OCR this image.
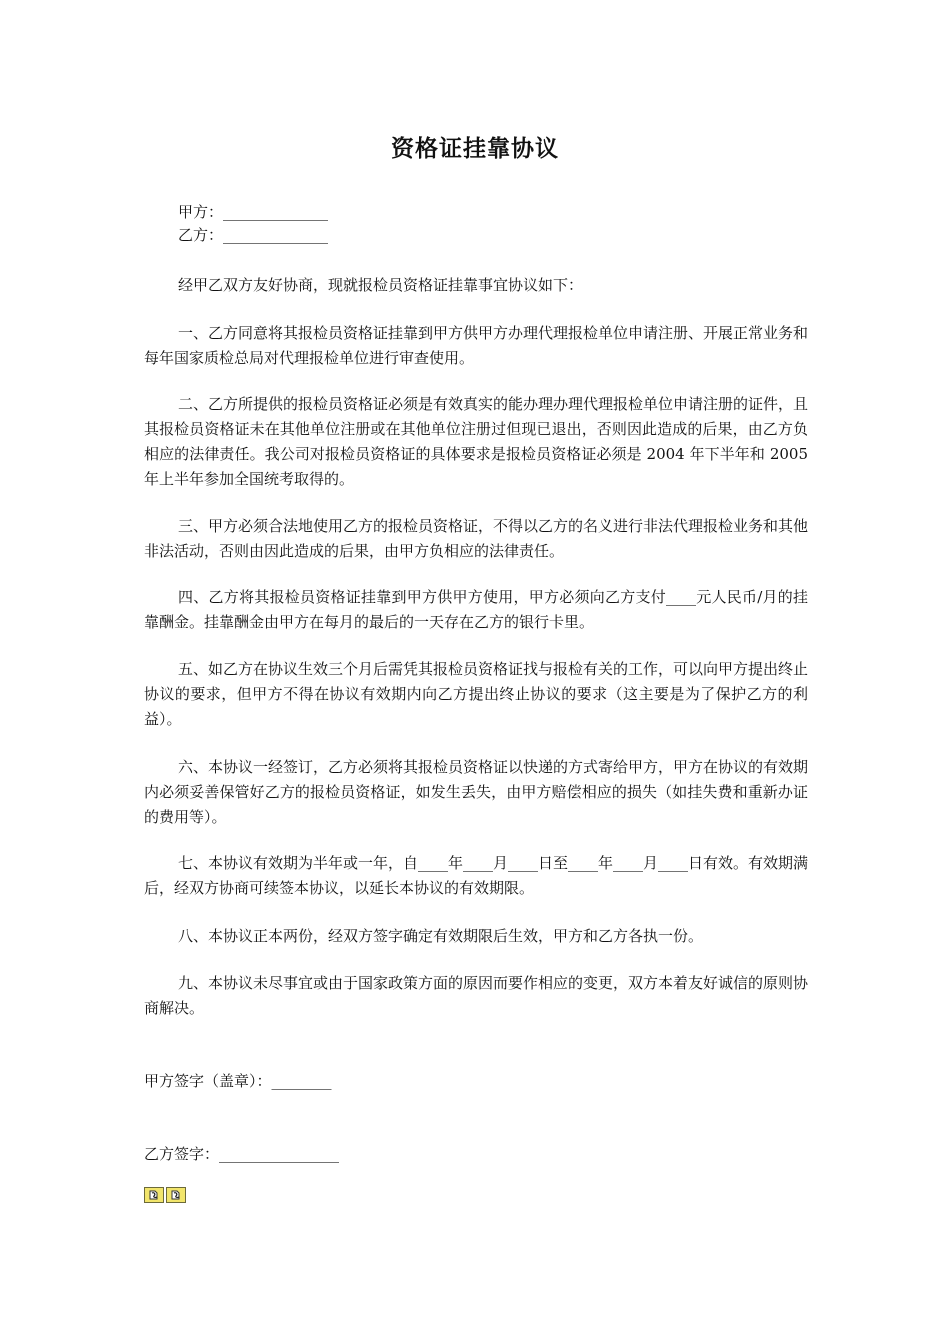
资格证挂靠协议
甲方：______________
乙方：______________
经甲乙双方友好协商，现就报检员资格证挂靠事宜协议如下：
一、乙方同意将其报检员资格证挂靠到甲方供甲方办理代理报检单位申请注册、开展正常业务和每年国家质检总局对代理报检单位进行审查使用。
二、乙方所提供的报检员资格证必须是有效真实的能办理办理代理报检单位申请注册的证件，且其报检员资格证未在其他单位注册或在其他单位注册过但现已退出，否则因此造成的后果，由乙方负相应的法律责任。我公司对报检员资格证的具体要求是报检员资格证必须是 2004 年下半年和 2005 年上半年参加全国统考取得的。
三、甲方必须合法地使用乙方的报检员资格证，不得以乙方的名义进行非法代理报检业务和其他非法活动，否则由因此造成的后果，由甲方负相应的法律责任。
四、乙方将其报检员资格证挂靠到甲方供甲方使用，甲方必须向乙方支付____元人民币/月的挂靠酬金。挂靠酬金由甲方在每月的最后的一天存在乙方的银行卡里。
五、如乙方在协议生效三个月后需凭其报检员资格证找与报检有关的工作，可以向甲方提出终止协议的要求，但甲方不得在协议有效期内向乙方提出终止协议的要求（这主要是为了保护乙方的利益）。
六、本协议一经签订，乙方必须将其报检员资格证以快递的方式寄给甲方，甲方在协议的有效期内必须妥善保管好乙方的报检员资格证，如发生丢失，由甲方赔偿相应的损失（如挂失费和重新办证的费用等）。
七、本协议有效期为半年或一年，自____年____月____日至____年____月____日有效。有效期满后，经双方协商可续签本协议，以延长本协议的有效期限。
八、本协议正本两份，经双方签字确定有效期限后生效，甲方和乙方各执一份。
九、本协议未尽事宜或由于国家政策方面的原因而要作相应的变更，双方本着友好诚信的原则协商解决。
甲方签字（盖章）：________
乙方签字：________________
